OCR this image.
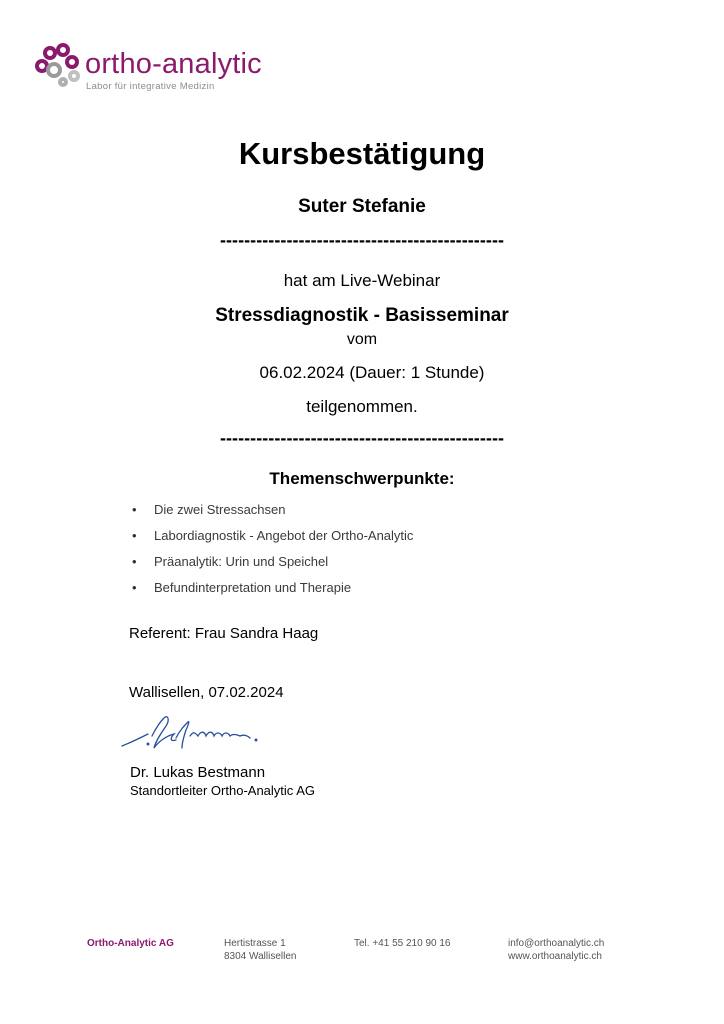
ortho-analytic
Labor für integrative Medizin
Kursbestätigung
Suter Stefanie
-----------------------------------------------
hat am Live-Webinar
Stressdiagnostik - Basisseminar
vom
06.02.2024 (Dauer: 1 Stunde)
teilgenommen.
-----------------------------------------------
Themenschwerpunkte:
• Die zwei Stressachsen
• Labordiagnostik - Angebot der Ortho-Analytic
• Präanalytik: Urin und Speichel
• Befundinterpretation und Therapie
Referent: Frau Sandra Haag
Wallisellen, 07.02.2024
Dr. Lukas Bestmann
Standortleiter Ortho-Analytic AG
Ortho-Analytic AG	Hertistrasse 1
8304 Wallisellen
Tel. +41 55 210 90 16	info@orthoanalytic.ch
www.orthoanalytic.ch
